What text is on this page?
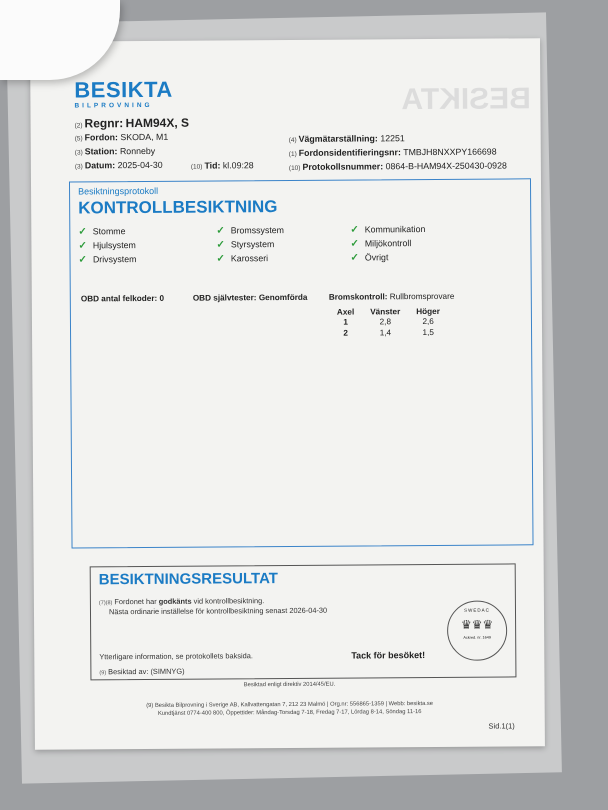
BESIKTA
BESIKTA
BILPROVNING
(2) Regnr: HAM94X, S
(5) Fordon: SKODA, M1
(3) Station: Ronneby
(3) Datum: 2025-04-30	(10) Tid: kl.09:28
(4) Vägmätarställning: 12251
(1) Fordonsidentifieringsnr: TMBJH8NXXPY166698
(10) Protokollsnummer: 0864-B-HAM94X-250430-0928
Besiktningsprotokoll
KONTROLLBESIKTNING
✓ Stomme
✓ Hjulsystem
✓ Drivsystem
✓ Bromssystem
✓ Styrsystem
✓ Karosseri
✓ Kommunikation
✓ Miljökontroll
✓ Övrigt
OBD antal felkoder: 0	OBD självtester: Genomförda	Bromskontroll: Rullbromsprovare
Axel	Vänster	Höger
1	2,8	2,6
2	1,4	1,5
BESIKTNINGSRESULTAT
(7)(8) Fordonet har godkänts vid kontrollbesiktning.
Nästa ordinarie inställelse för kontrollbesiktning senast 2026-04-30
Ytterligare information, se protokollets baksida.
(9) Besiktad av: (SIMNYG)
Tack för besöket!
SWEDAC
♛♛♛
Ackred. nr. 1649
Besiktad enligt direktiv 2014/45/EU.
(9) Besikta Bilprovning i Sverige AB, Kallvattengatan 7, 212 23 Malmö | Org.nr: 556865-1359 | Webb: besikta.se
Kundtjänst 0774-400 800, Öppettider: Måndag-Torsdag 7-18, Fredag 7-17, Lördag 8-14, Söndag 11-16
Sid.1(1)
